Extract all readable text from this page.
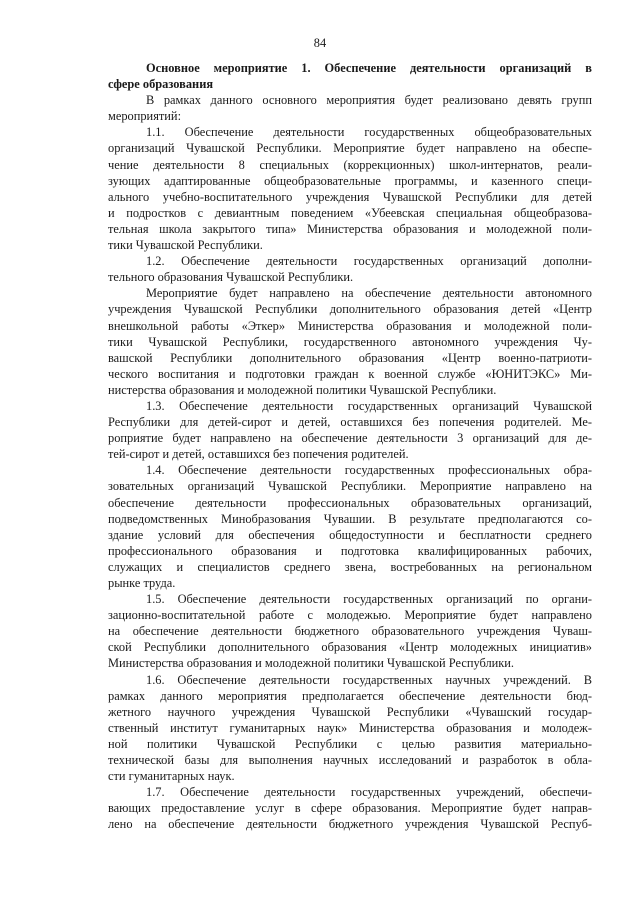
84
Основное мероприятие 1. Обеспечение деятельности организаций в
сфере образования
В рамках данного основного мероприятия будет реализовано девять групп
мероприятий:
1.1. Обеспечение деятельности государственных общеобразовательных
организаций Чувашской Республики. Мероприятие будет направлено на обеспе-
чение деятельности 8 специальных (коррекционных) школ-интернатов, реали-
зующих адаптированные общеобразовательные программы, и казенного специ-
ального учебно-воспитательного учреждения Чувашской Республики для детей
и подростков с девиантным поведением «Убеевская специальная общеобразова-
тельная школа закрытого типа» Министерства образования и молодежной поли-
тики Чувашской Республики.
1.2. Обеспечение деятельности государственных организаций дополни-
тельного образования Чувашской Республики.
Мероприятие будет направлено на обеспечение деятельности автономного
учреждения Чувашской Республики дополнительного образования детей «Центр
внешкольной работы «Эткер» Министерства образования и молодежной поли-
тики Чувашской Республики, государственного автономного учреждения Чу-
вашской Республики дополнительного образования «Центр военно-патриоти-
ческого воспитания и подготовки граждан к военной службе «ЮНИТЭКС» Ми-
нистерства образования и молодежной политики Чувашской Республики.
1.3. Обеспечение деятельности государственных организаций Чувашской
Республики для детей-сирот и детей, оставшихся без попечения родителей. Ме-
роприятие будет направлено на обеспечение деятельности 3 организаций для де-
тей-сирот и детей, оставшихся без попечения родителей.
1.4. Обеспечение деятельности государственных профессиональных обра-
зовательных организаций Чувашской Республики. Мероприятие направлено на
обеспечение деятельности профессиональных образовательных организаций,
подведомственных Минобразования Чувашии. В результате предполагаются со-
здание условий для обеспечения общедоступности и бесплатности среднего
профессионального образования и подготовка квалифицированных рабочих,
служащих и специалистов среднего звена, востребованных на региональном
рынке труда.
1.5. Обеспечение деятельности государственных организаций по органи-
зационно-воспитательной работе с молодежью. Мероприятие будет направлено
на обеспечение деятельности бюджетного образовательного учреждения Чуваш-
ской Республики дополнительного образования «Центр молодежных инициатив»
Министерства образования и молодежной политики Чувашской Республики.
1.6. Обеспечение деятельности государственных научных учреждений. В
рамках данного мероприятия предполагается обеспечение деятельности бюд-
жетного научного учреждения Чувашской Республики «Чувашский государ-
ственный институт гуманитарных наук» Министерства образования и молодеж-
ной политики Чувашской Республики с целью развития материально-
технической базы для выполнения научных исследований и разработок в обла-
сти гуманитарных наук.
1.7. Обеспечение деятельности государственных учреждений, обеспечи-
вающих предоставление услуг в сфере образования. Мероприятие будет направ-
лено на обеспечение деятельности бюджетного учреждения Чувашской Респуб-
